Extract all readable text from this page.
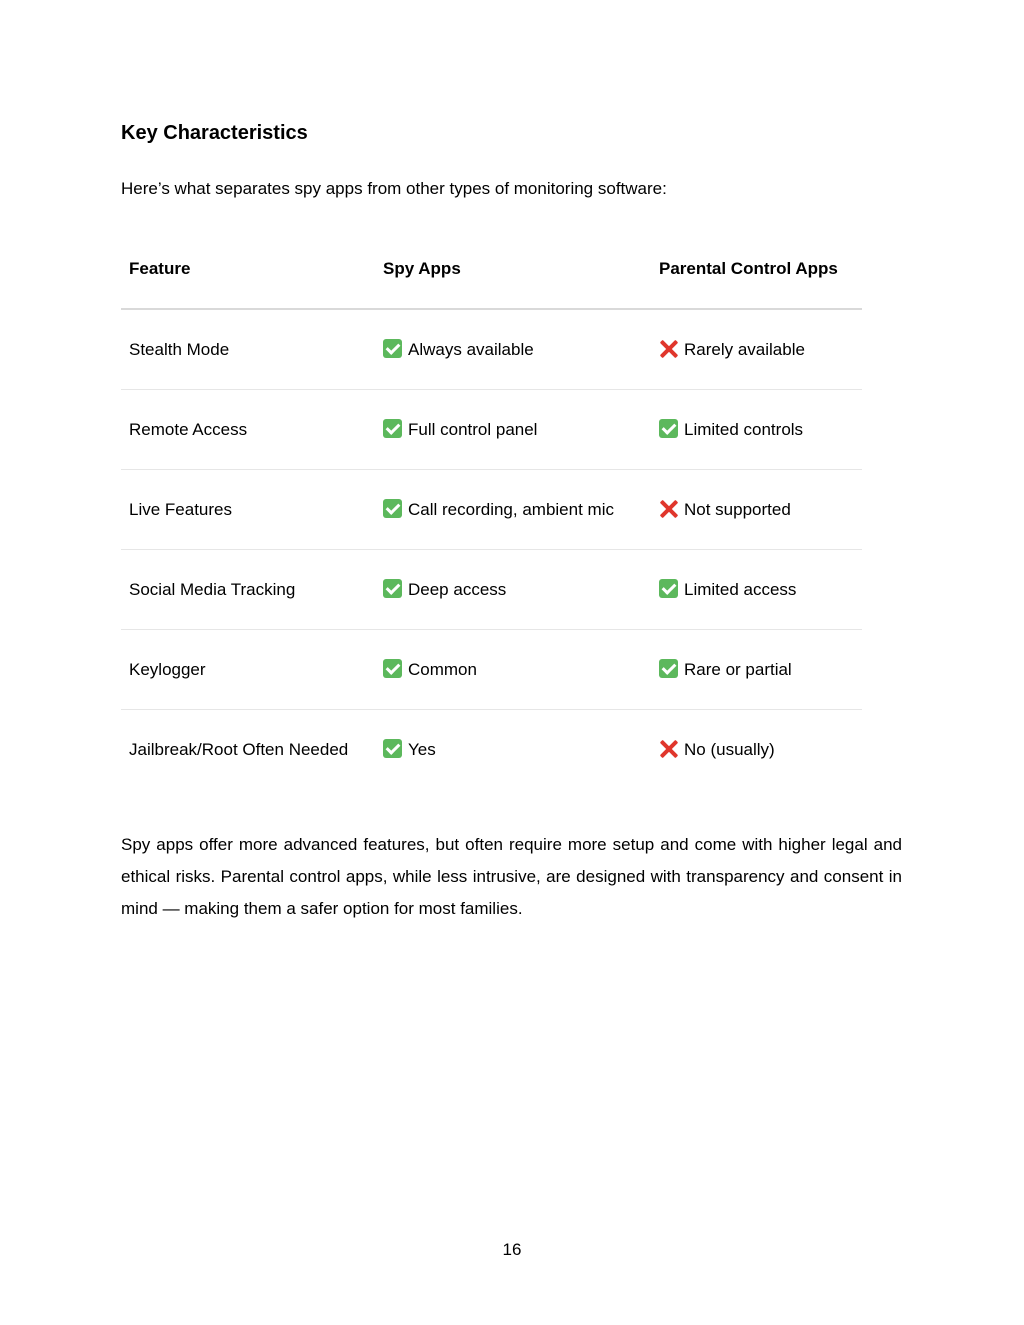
Key Characteristics

Here’s what separates spy apps from other types of monitoring software:

Feature	Spy Apps	Parental Control Apps
Stealth Mode	Always available	Rarely available
Remote Access	Full control panel	Limited controls
Live Features	Call recording, ambient mic	Not supported
Social Media Tracking	Deep access	Limited access
Keylogger	Common	Rare or partial
Jailbreak/Root Often Needed	Yes	No (usually)

Spy apps offer more advanced features, but often require more setup and come with higher legal and ethical risks. Parental control apps, while less intrusive, are designed with transparency and consent in mind — making them a safer option for most families.

16
